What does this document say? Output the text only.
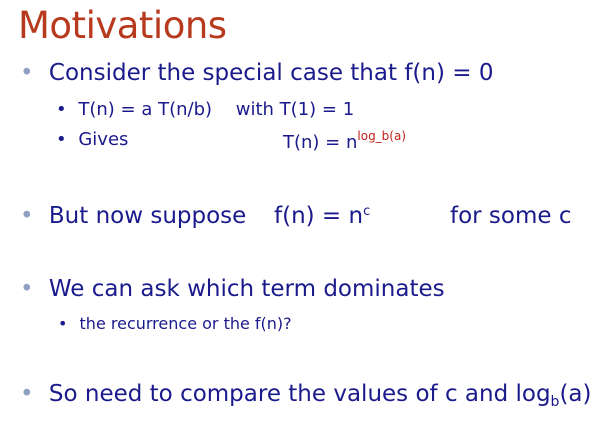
Motivations
• Consider the special case that f(n) = 0
• T(n) = a T(n/b) with T(1) = 1
• Gives	$T(n) = n^{log\_b(a)}$
• But now suppose $f(n) = n^c$	for some c
• We can ask which term dominates
• the recurrence or the f(n)?
• So need to compare the values of c and $\log_b(a)$
